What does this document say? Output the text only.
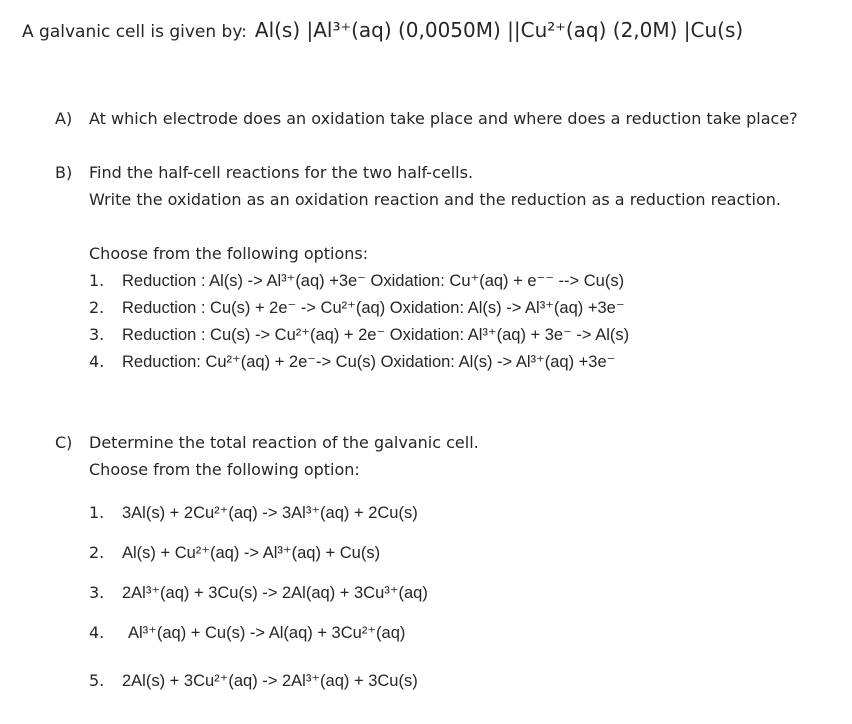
A galvanic cell is given by: Al(s) |Al³⁺(aq) (0,0050M) ||Cu²⁺(aq) (2,0M) |Cu(s)
A) At which electrode does an oxidation take place and where does a reduction take place?
B) Find the half-cell reactions for the two half-cells.
Write the oxidation as an oxidation reaction and the reduction as a reduction reaction.
Choose from the following options:
1. Reduction : Al(s) -> Al³⁺(aq) +3e⁻ Oxidation: Cu⁺(aq) + e⁻⁻ --> Cu(s)
2. Reduction : Cu(s) + 2e⁻ -> Cu²⁺(aq) Oxidation: Al(s) -> Al³⁺(aq) +3e⁻
3. Reduction : Cu(s) -> Cu²⁺(aq) + 2e⁻ Oxidation: Al³⁺(aq) + 3e⁻ -> Al(s)
4. Reduction: Cu²⁺(aq) + 2e⁻-> Cu(s) Oxidation: Al(s) -> Al³⁺(aq) +3e⁻
C) Determine the total reaction of the galvanic cell.
Choose from the following option:
1. 3Al(s) + 2Cu²⁺(aq) -> 3Al³⁺(aq) + 2Cu(s)
2. Al(s) + Cu²⁺(aq) -> Al³⁺(aq) + Cu(s)
3. 2Al³⁺(aq) + 3Cu(s) -> 2Al(aq) + 3Cu³⁺(aq)
4. Al³⁺(aq) + Cu(s) -> Al(aq) + 3Cu²⁺(aq)
5. 2Al(s) + 3Cu²⁺(aq) -> 2Al³⁺(aq) + 3Cu(s)
